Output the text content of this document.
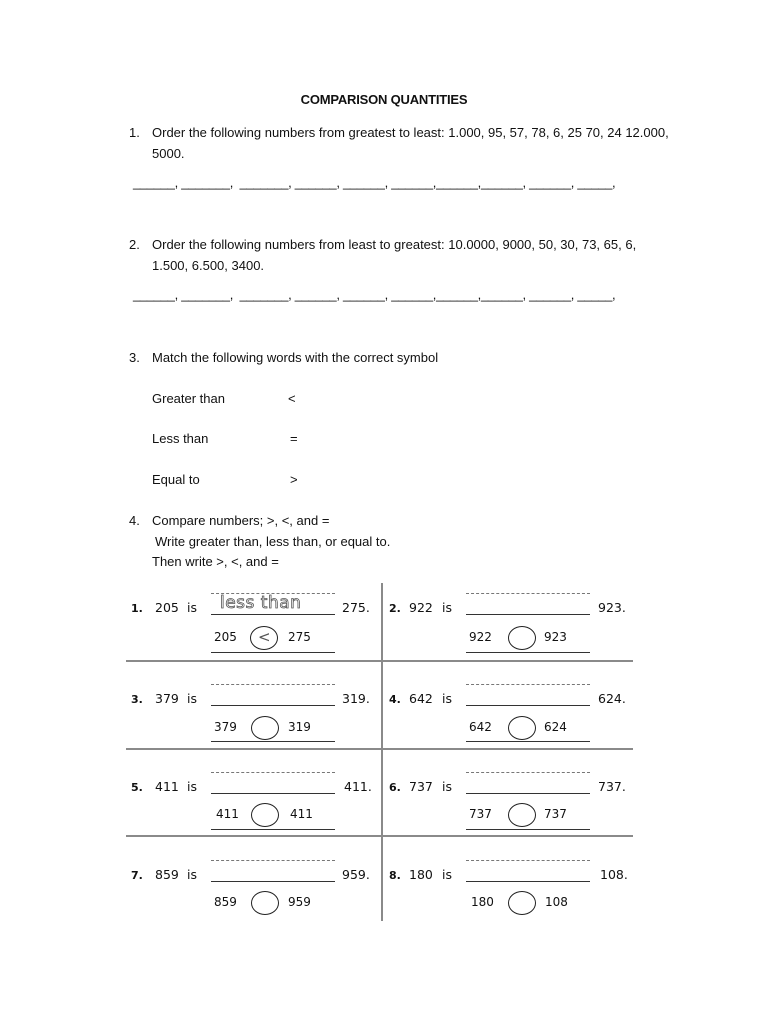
COMPARISON QUANTITIES
1. Order the following numbers from greatest to least: 1.000, 95, 57, 78, 6, 25 70, 24 12.000, 5000.
______, _______,  _______, ______, ______, ______,______,______, ______, _____,
2. Order the following numbers from least to greatest: 10.0000, 9000, 50, 30, 73, 65, 6, 1.500, 6.500, 3400.
______, _______,  _______, ______, ______, ______,______,______, ______, _____,
3. Match the following words with the correct symbol
Greater than	<
Less than	=
Equal to	>
4. Compare numbers; >, <, and =
Write greater than, less than, or equal to.
Then write >, <, and =
1. 205 is less than	275.
205 < 275
2. 922 is	923.
922	923
3. 379 is	319.
379	319
4. 642 is	624.
642	624
5. 411 is	411.
411	411
6. 737 is	737.
737	737
7. 859 is	959.
859	959
8. 180 is	108.
180	108
